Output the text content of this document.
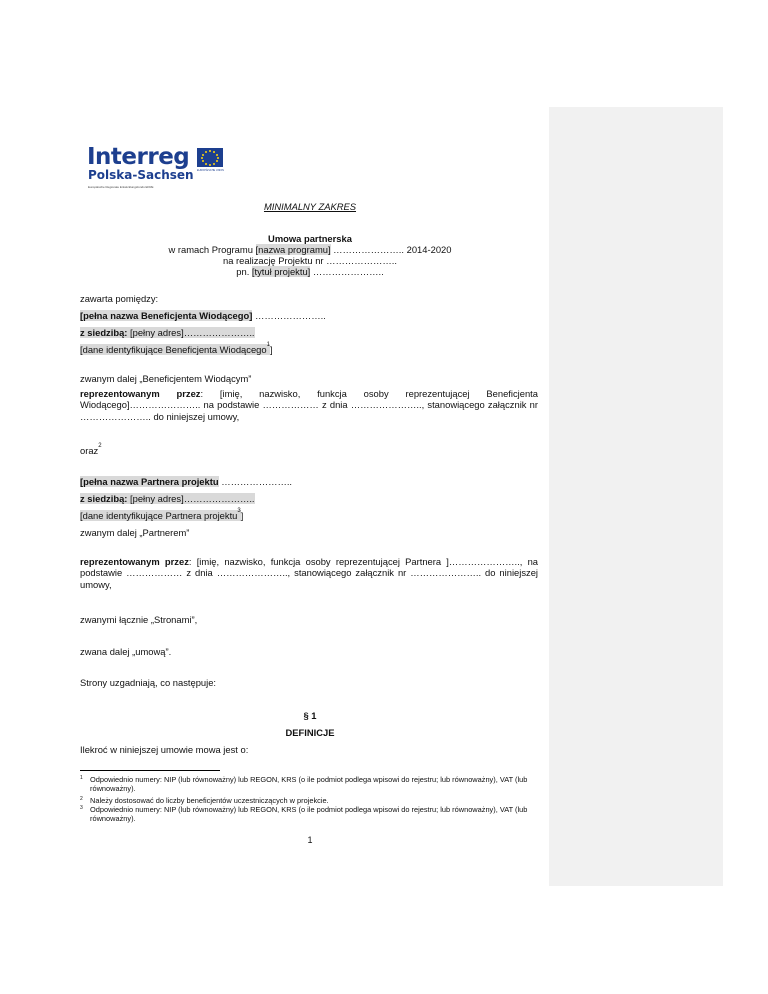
Interreg
Polska-Sachsen
Europäische Regionale Entwicklungsfonds EFRE
EUROPÄISCHE UNION
MINIMALNY ZAKRES
Umowa partnerska
w ramach Programu [nazwa programu] ………………….. 2014-2020
na realizację Projektu nr …………………..
pn. [tytuł projektu] …………………..
zawarta pomiędzy:
[pełna nazwa Beneficjenta Wiodącego] …………………..
z siedzibą: [pełny adres]…………………..
[dane identyfikujące Beneficjenta Wiodącego$^1$]
zwanym dalej „Beneficjentem Wiodącym”
reprezentowanym przez: [imię, nazwisko, funkcja osoby reprezentującej Beneficjenta Wiodącego]………………….. na podstawie ……………… z dnia ………………….., stanowiącego załącznik nr ………………….. do niniejszej umowy,
oraz$^2$
[pełna nazwa Partnera projektu …………………..
z siedzibą: [pełny adres]…………………..
[dane identyfikujące Partnera projektu$^3$]
zwanym dalej „Partnerem”
reprezentowanym przez: [imię, nazwisko, funkcja osoby reprezentującej Partnera ]………………….., na podstawie ……………… z dnia ………………….., stanowiącego załącznik nr ………………….. do niniejszej umowy,
zwanymi łącznie „Stronami”,
zwana dalej „umową”.
Strony uzgadniają, co następuje:
§ 1
DEFINICJE
Ilekroć w niniejszej umowie mowa jest o:
1 Odpowiednio numery: NIP (lub równoważny) lub REGON, KRS (o ile podmiot podlega wpisowi do rejestru; lub równoważny), VAT (lub równoważny).
2 Należy dostosować do liczby beneficjentów uczestniczących w projekcie.
3 Odpowiednio numery: NIP (lub równoważny) lub REGON, KRS (o ile podmiot podlega wpisowi do rejestru; lub równoważny), VAT (lub równoważny).
1
